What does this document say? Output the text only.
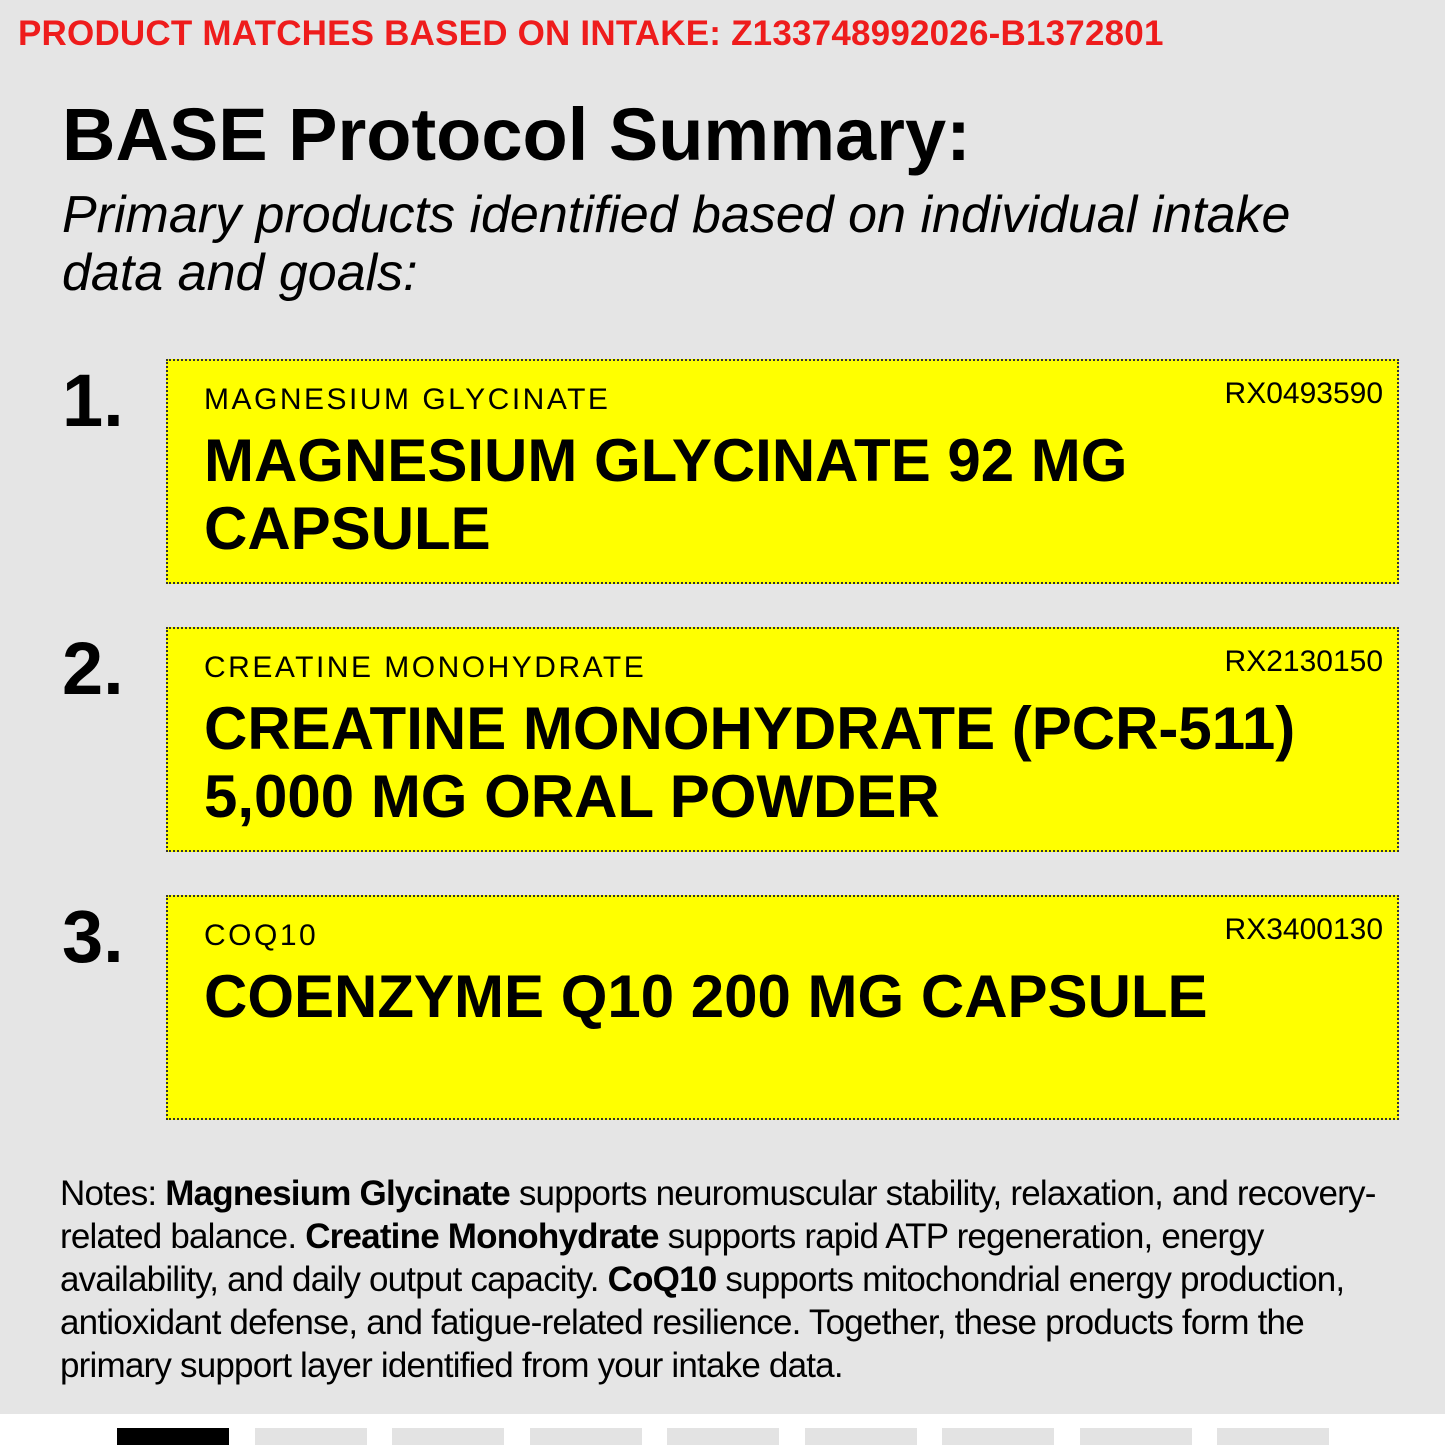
PRODUCT MATCHES BASED ON INTAKE: Z133748992026-B1372801
BASE Protocol Summary:
Primary products identified based on individual intake data and goals:
1.	MAGNESIUM GLYCINATE	RX0493590
MAGNESIUM GLYCINATE 92 MG CAPSULE
2.	CREATINE MONOHYDRATE	RX2130150
CREATINE MONOHYDRATE (PCR-511) 5,000 MG ORAL POWDER
3.	COQ10	RX3400130
COENZYME Q10 200 MG CAPSULE

Notes: Magnesium Glycinate supports neuromuscular stability, relaxation, and recovery-related balance. Creatine Monohydrate supports rapid ATP regeneration, energy availability, and daily output capacity. CoQ10 supports mitochondrial energy production, antioxidant defense, and fatigue-related resilience. Together, these products form the primary support layer identified from your intake data.
